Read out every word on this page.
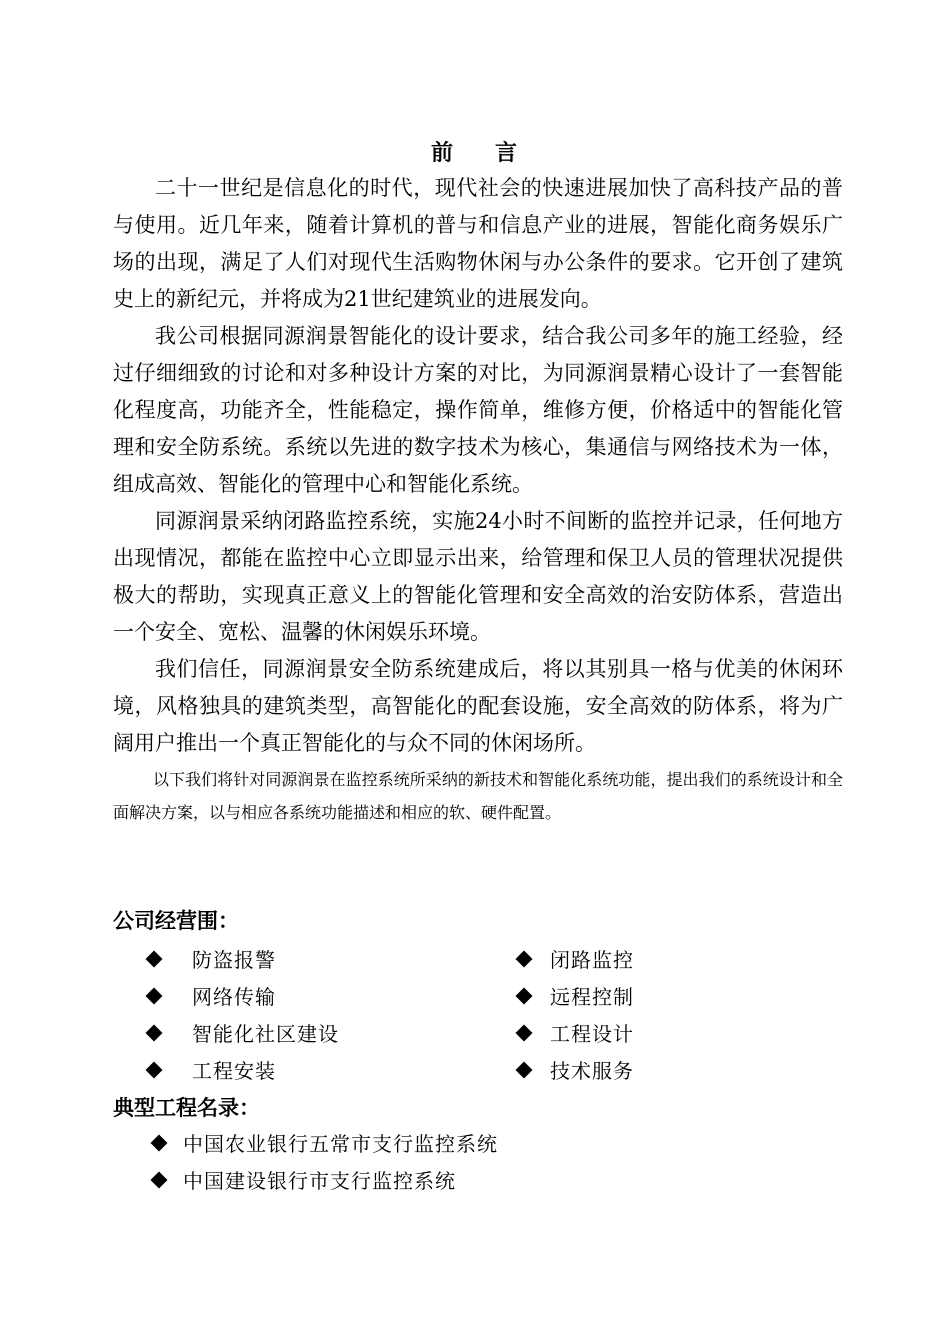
前 言

二十一世纪是信息化的时代，现代社会的快速进展加快了高科技产品的普与使用。近几年来，随着计算机的普与和信息产业的进展，智能化商务娱乐广场的出现，满足了人们对现代生活购物休闲与办公条件的要求。它开创了建筑史上的新纪元，并将成为21世纪建筑业的进展发向。

我公司根据同源润景智能化的设计要求，结合我公司多年的施工经验，经过仔细细致的讨论和对多种设计方案的对比，为同源润景精心设计了一套智能化程度高，功能齐全，性能稳定，操作简单，维修方便，价格适中的智能化管理和安全防系统。系统以先进的数字技术为核心，集通信与网络技术为一体，组成高效、智能化的管理中心和智能化系统。

同源润景采纳闭路监控系统，实施24小时不间断的监控并记录，任何地方出现情况，都能在监控中心立即显示出来，给管理和保卫人员的管理状况提供极大的帮助，实现真正意义上的智能化管理和安全高效的治安防体系，营造出一个安全、宽松、温馨的休闲娱乐环境。

我们信任，同源润景安全防系统建成后，将以其别具一格与优美的休闲环境，风格独具的建筑类型，高智能化的配套设施，安全高效的防体系，将为广阔用户推出一个真正智能化的与众不同的休闲场所。

以下我们将针对同源润景在监控系统所采纳的新技术和智能化系统功能，提出我们的系统设计和全面解决方案，以与相应各系统功能描述和相应的软、硬件配置。

公司经营围：
防盗报警	闭路监控
网络传输	远程控制
智能化社区建设	工程设计
工程安装	技术服务
典型工程名录：
中国农业银行五常市支行监控系统
中国建设银行市支行监控系统
